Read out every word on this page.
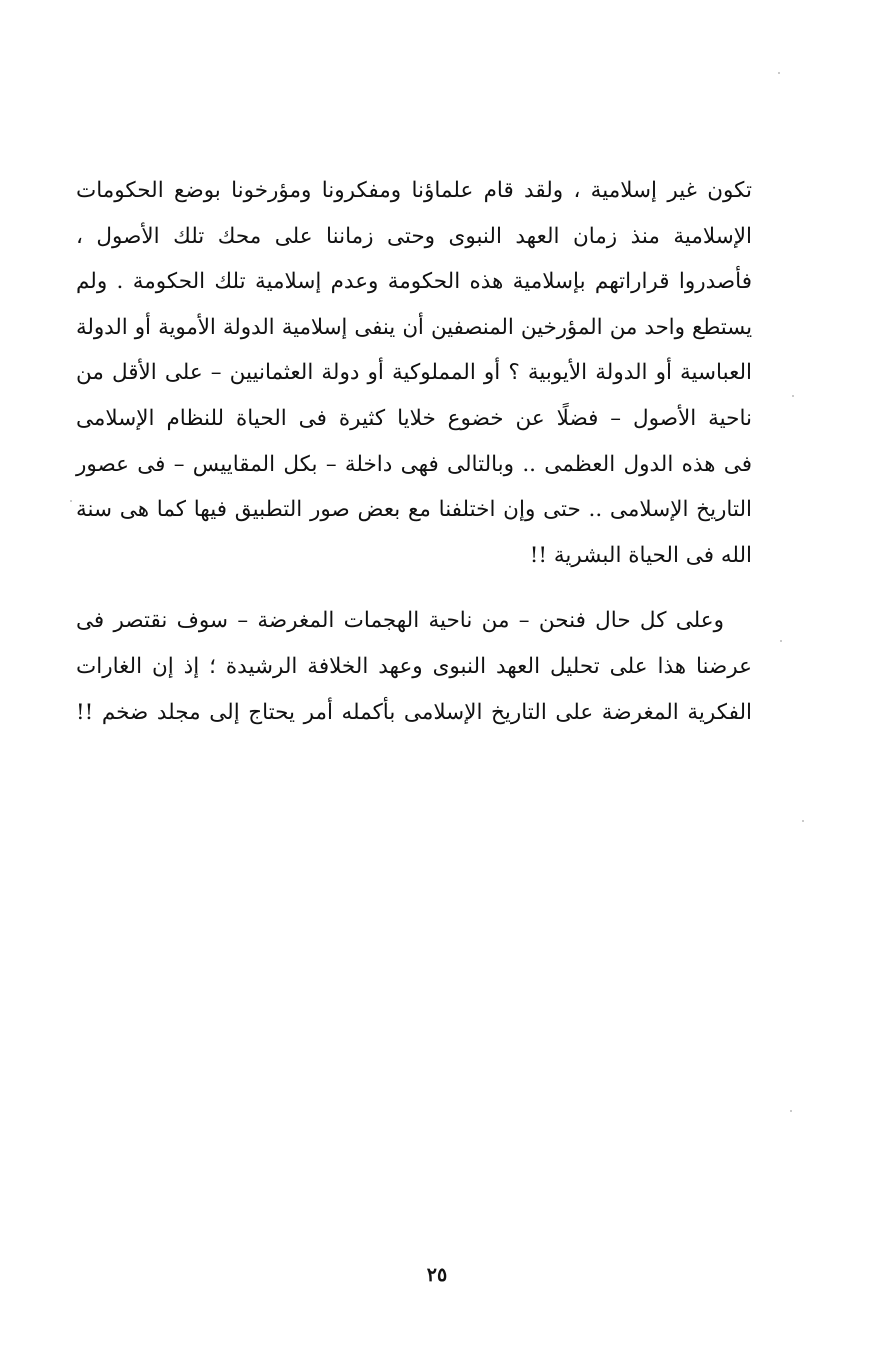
تكون غير إسلامية ، ولقد قام علماؤنا ومفكرونا ومؤرخونا بوضع الحكومات
الإسلامية منذ زمان العهد النبوى وحتى زماننا على محك تلك الأصول ،
فأصدروا قراراتهم بإسلامية هذه الحكومة وعدم إسلامية تلك الحكومة . ولم
يستطع واحد من المؤرخين المنصفين أن ينفى إسلامية الدولة الأموية أو الدولة
العباسية أو الدولة الأيوبية ؟ أو المملوكية أو دولة العثمانيين – على الأقل من
ناحية الأصول – فضلًا عن خضوع خلايا كثيرة فى الحياة للنظام الإسلامى
فى هذه الدول العظمى .. وبالتالى فهى داخلة – بكل المقاييس – فى عصور
التاريخ الإسلامى .. حتى وإن اختلفنا مع بعض صور التطبيق فيها كما هى سنة
الله فى الحياة البشرية !!

وعلى كل حال فنحن – من ناحية الهجمات المغرضة – سوف نقتصر فى
عرضنا هذا على تحليل العهد النبوى وعهد الخلافة الرشيدة ؛ إذ إن الغارات
الفكرية المغرضة على التاريخ الإسلامى بأكمله أمر يحتاج إلى مجلد ضخم !!

٢٥
